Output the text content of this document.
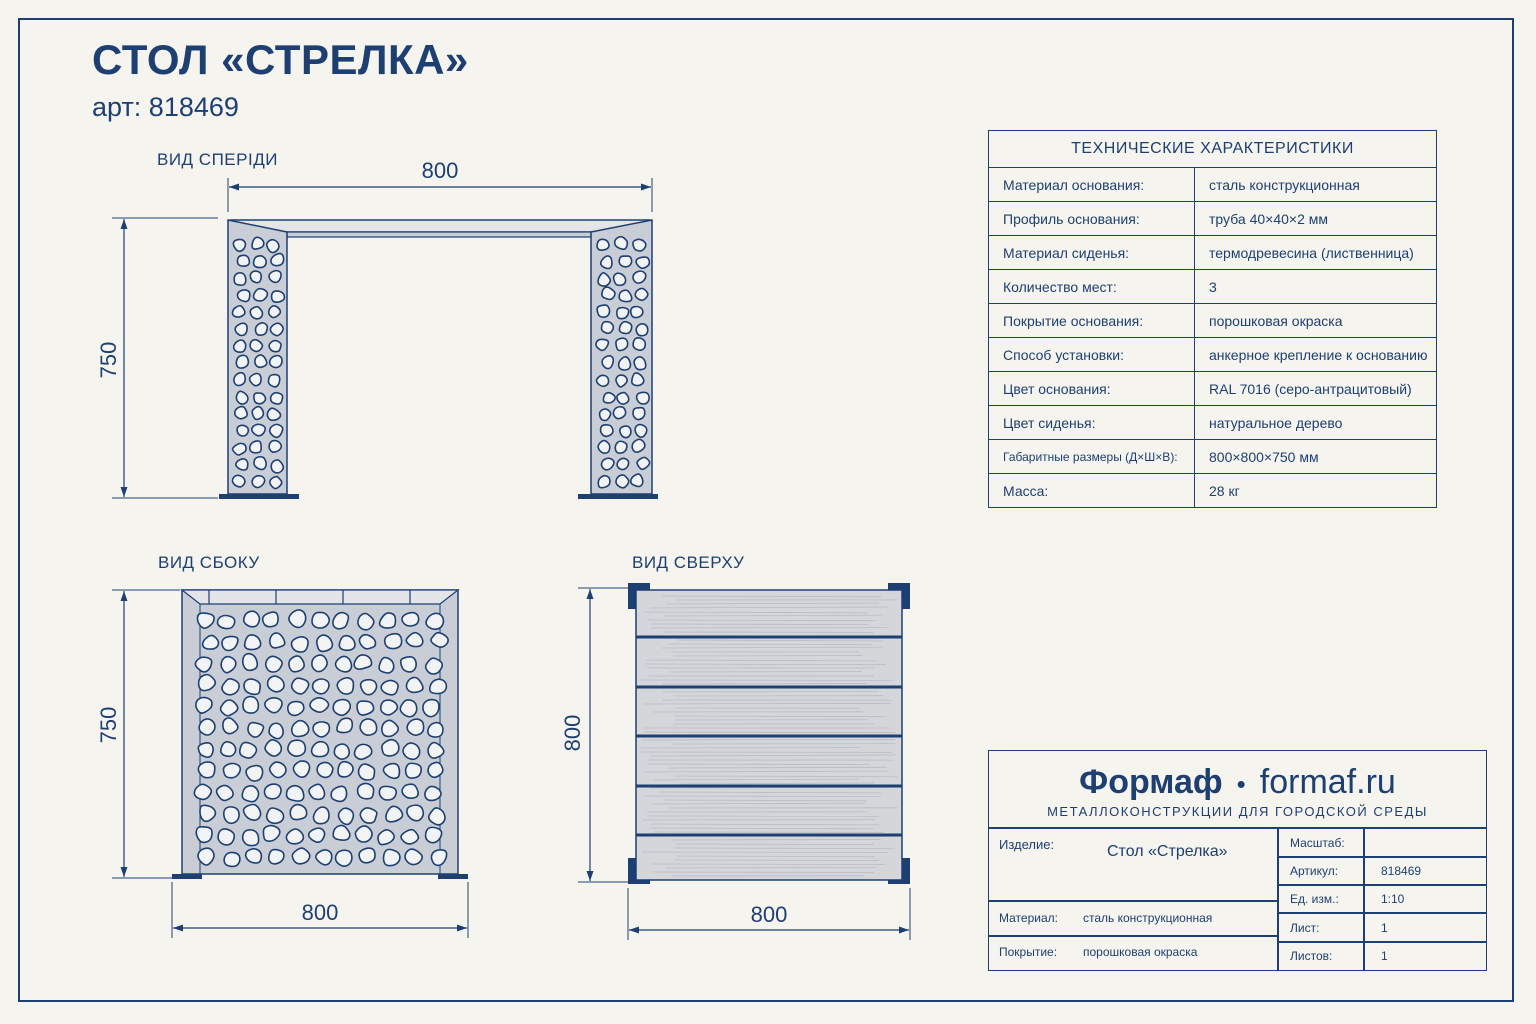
СТОЛ «СТРЕЛКА»
арт: 818469
ВИД СПЕРІДИ
ВИД СБОКУ	ВИД СВЕРХУ
800
750
750
800
800
800
ТЕХНИЧЕСКИЕ ХАРАКТЕРИСТИКИ	
Материал основания:	сталь конструкционная
Профиль основания:	труба 40×40×2 мм
Материал сиденья:	термодревесина (лиственница)
Количество мест:	3
Покрытие основания:	порошковая окраска
Способ установки:	анкерное крепление к основанию
Цвет основания:	RAL 7016 (серо-антрацитовый)
Цвет сиденья:	натуральное дерево
Габаритные размеры (Д×Ш×В):	800×800×750 мм
Масса:	28 кг
Формаф • formaf.ru
МЕТАЛЛОКОНСТРУКЦИИ ДЛЯ ГОРОДСКОЙ СРЕДЫ
Изделие:	Стол «Стрелка»
Материал: сталь конструкционная
Покрытие: порошковая окраска
Масштаб:
Артикул:	818469
Ед. изм.:	1:10
Лист:	1
Листов:	1
